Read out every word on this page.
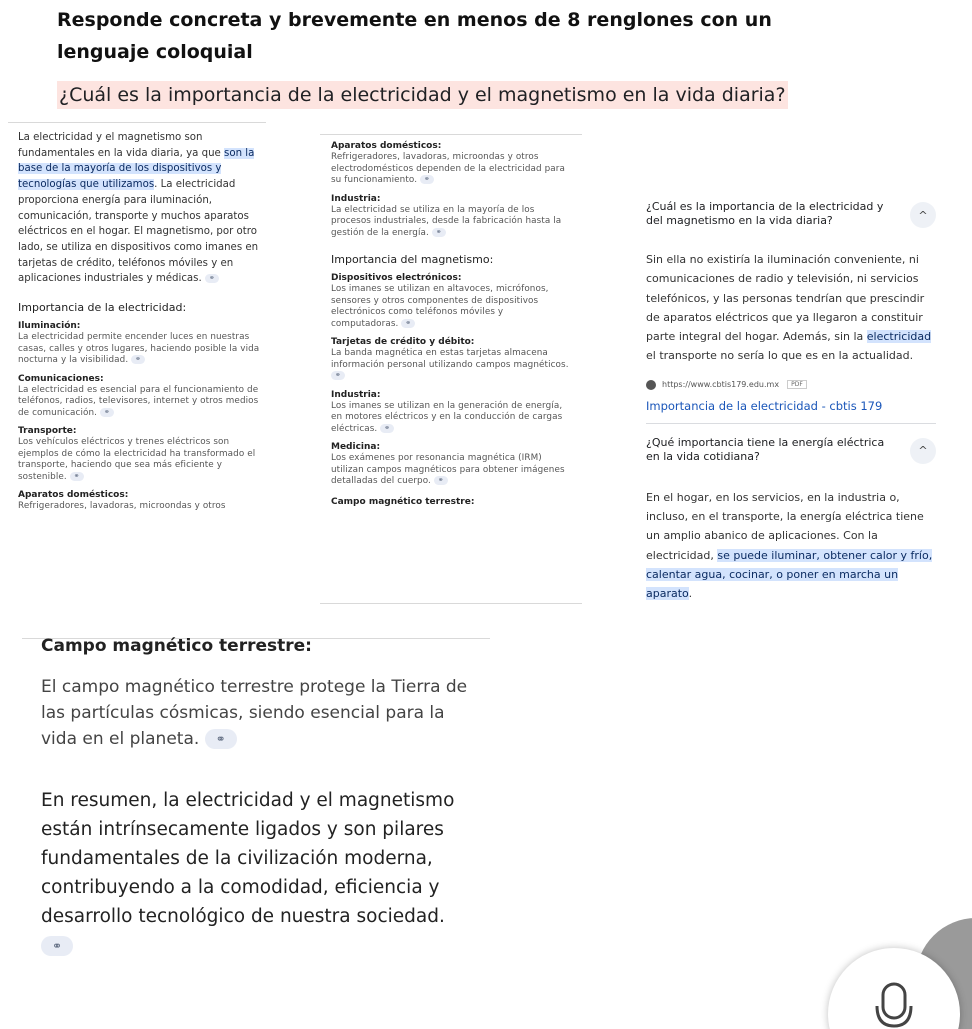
Responde concreta y brevemente en menos de 8 renglones con un lenguaje coloquial
¿Cuál es la importancia de la electricidad y el magnetismo en la vida diaria?
La electricidad y el magnetismo son fundamentales en la vida diaria, ya que son la base de la mayoría de los dispositivos y tecnologías que utilizamos. La electricidad proporciona energía para iluminación, comunicación, transporte y muchos aparatos eléctricos en el hogar. El magnetismo, por otro lado, se utiliza en dispositivos como imanes en tarjetas de crédito, teléfonos móviles y en aplicaciones industriales y médicas. ⚭
Importancia de la electricidad:
Iluminación:
La electricidad permite encender luces en nuestras casas, calles y otros lugares, haciendo posible la vida nocturna y la visibilidad. ⚭
Comunicaciones:
La electricidad es esencial para el funcionamiento de teléfonos, radios, televisores, internet y otros medios de comunicación. ⚭
Transporte:
Los vehículos eléctricos y trenes eléctricos son ejemplos de cómo la electricidad ha transformado el transporte, haciendo que sea más eficiente y sostenible. ⚭
Aparatos domésticos:
Refrigeradores, lavadoras, microondas y otros
Aparatos domésticos:
Refrigeradores, lavadoras, microondas y otros electrodomésticos dependen de la electricidad para su funcionamiento. ⚭
Industria:
La electricidad se utiliza en la mayoría de los procesos industriales, desde la fabricación hasta la gestión de la energía. ⚭
Importancia del magnetismo:
Dispositivos electrónicos:
Los imanes se utilizan en altavoces, micrófonos, sensores y otros componentes de dispositivos electrónicos como teléfonos móviles y computadoras. ⚭
Tarjetas de crédito y débito:
La banda magnética en estas tarjetas almacena información personal utilizando campos magnéticos. ⚭
Industria:
Los imanes se utilizan en la generación de energía, en motores eléctricos y en la conducción de cargas eléctricas. ⚭
Medicina:
Los exámenes por resonancia magnética (IRM) utilizan campos magnéticos para obtener imágenes detalladas del cuerpo. ⚭
Campo magnético terrestre:
¿Cuál es la importancia de la electricidad y del magnetismo en la vida diaria?	^
Sin ella no existiría la iluminación conveniente, ni comunicaciones de radio y televisión, ni servicios telefónicos, y las personas tendrían que prescindir de aparatos eléctricos que ya llegaron a constituir parte integral del hogar. Además, sin la electricidad el transporte no sería lo que es en la actualidad.
https://www.cbtis179.edu.mx	PDF
Importancia de la electricidad - cbtis 179
¿Qué importancia tiene la energía eléctrica en la vida cotidiana?	^
En el hogar, en los servicios, en la industria o, incluso, en el transporte, la energía eléctrica tiene un amplio abanico de aplicaciones. Con la electricidad, se puede iluminar, obtener calor y frío, calentar agua, cocinar, o poner en marcha un aparato.
Campo magnético terrestre:
El campo magnético terrestre protege la Tierra de las partículas cósmicas, siendo esencial para la vida en el planeta. ⚭
En resumen, la electricidad y el magnetismo están intrínsecamente ligados y son pilares fundamentales de la civilización moderna, contribuyendo a la comodidad, eficiencia y desarrollo tecnológico de nuestra sociedad. ⚭
